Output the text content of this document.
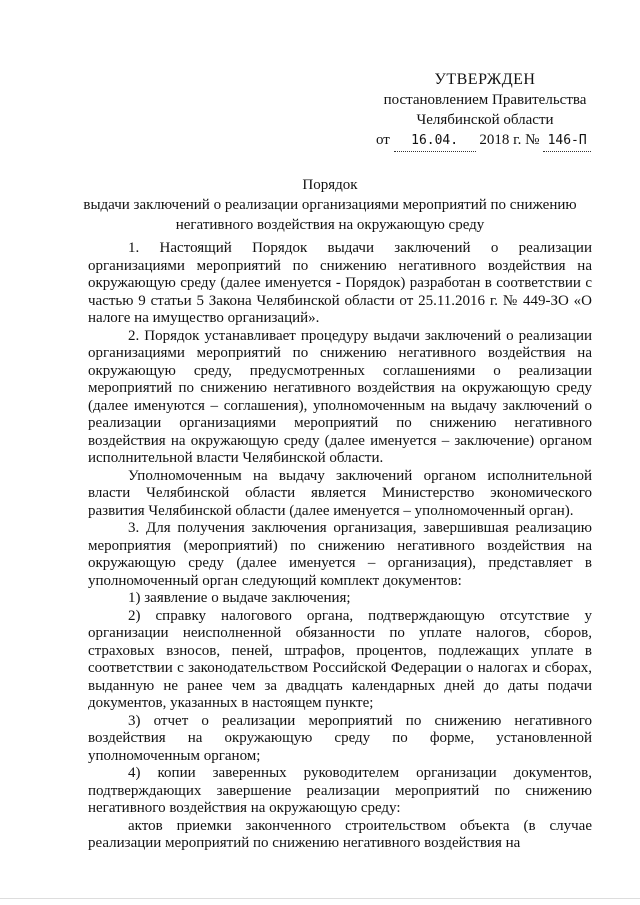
УТВЕРЖДЕН
постановлением Правительства
Челябинской области
от 16.04. 2018 г. № 146-П
Порядок
выдачи заключений о реализации организациями мероприятий по снижению негативного воздействия на окружающую среду

1. Настоящий Порядок выдачи заключений о реализации организациями мероприятий по снижению негативного воздействия на окружающую среду (далее именуется - Порядок) разработан в соответствии с частью 9 статьи 5 Закона Челябинской области от 25.11.2016 г. № 449-ЗО «О налоге на имущество организаций».

2. Порядок устанавливает процедуру выдачи заключений о реализации организациями мероприятий по снижению негативного воздействия на окружающую среду, предусмотренных соглашениями о реализации мероприятий по снижению негативного воздействия на окружающую среду (далее именуются – соглашения), уполномоченным на выдачу заключений о реализации организациями мероприятий по снижению негативного воздействия на окружающую среду (далее именуется – заключение) органом исполнительной власти Челябинской области.

Уполномоченным на выдачу заключений органом исполнительной власти Челябинской области является Министерство экономического развития Челябинской области (далее именуется – уполномоченный орган).

3. Для получения заключения организация, завершившая реализацию мероприятия (мероприятий) по снижению негативного воздействия на окружающую среду (далее именуется – организация), представляет в уполномоченный орган следующий комплект документов:

1) заявление о выдаче заключения;

2) справку налогового органа, подтверждающую отсутствие у организации неисполненной обязанности по уплате налогов, сборов, страховых взносов, пеней, штрафов, процентов, подлежащих уплате в соответствии с законодательством Российской Федерации о налогах и сборах, выданную не ранее чем за двадцать календарных дней до даты подачи документов, указанных в настоящем пункте;

3) отчет о реализации мероприятий по снижению негативного воздействия на окружающую среду по форме, установленной уполномоченным органом;

4) копии заверенных руководителем организации документов, подтверждающих завершение реализации мероприятий по снижению негативного воздействия на окружающую среду:

актов приемки законченного строительством объекта (в случае реализации мероприятий по снижению негативного воздействия на
